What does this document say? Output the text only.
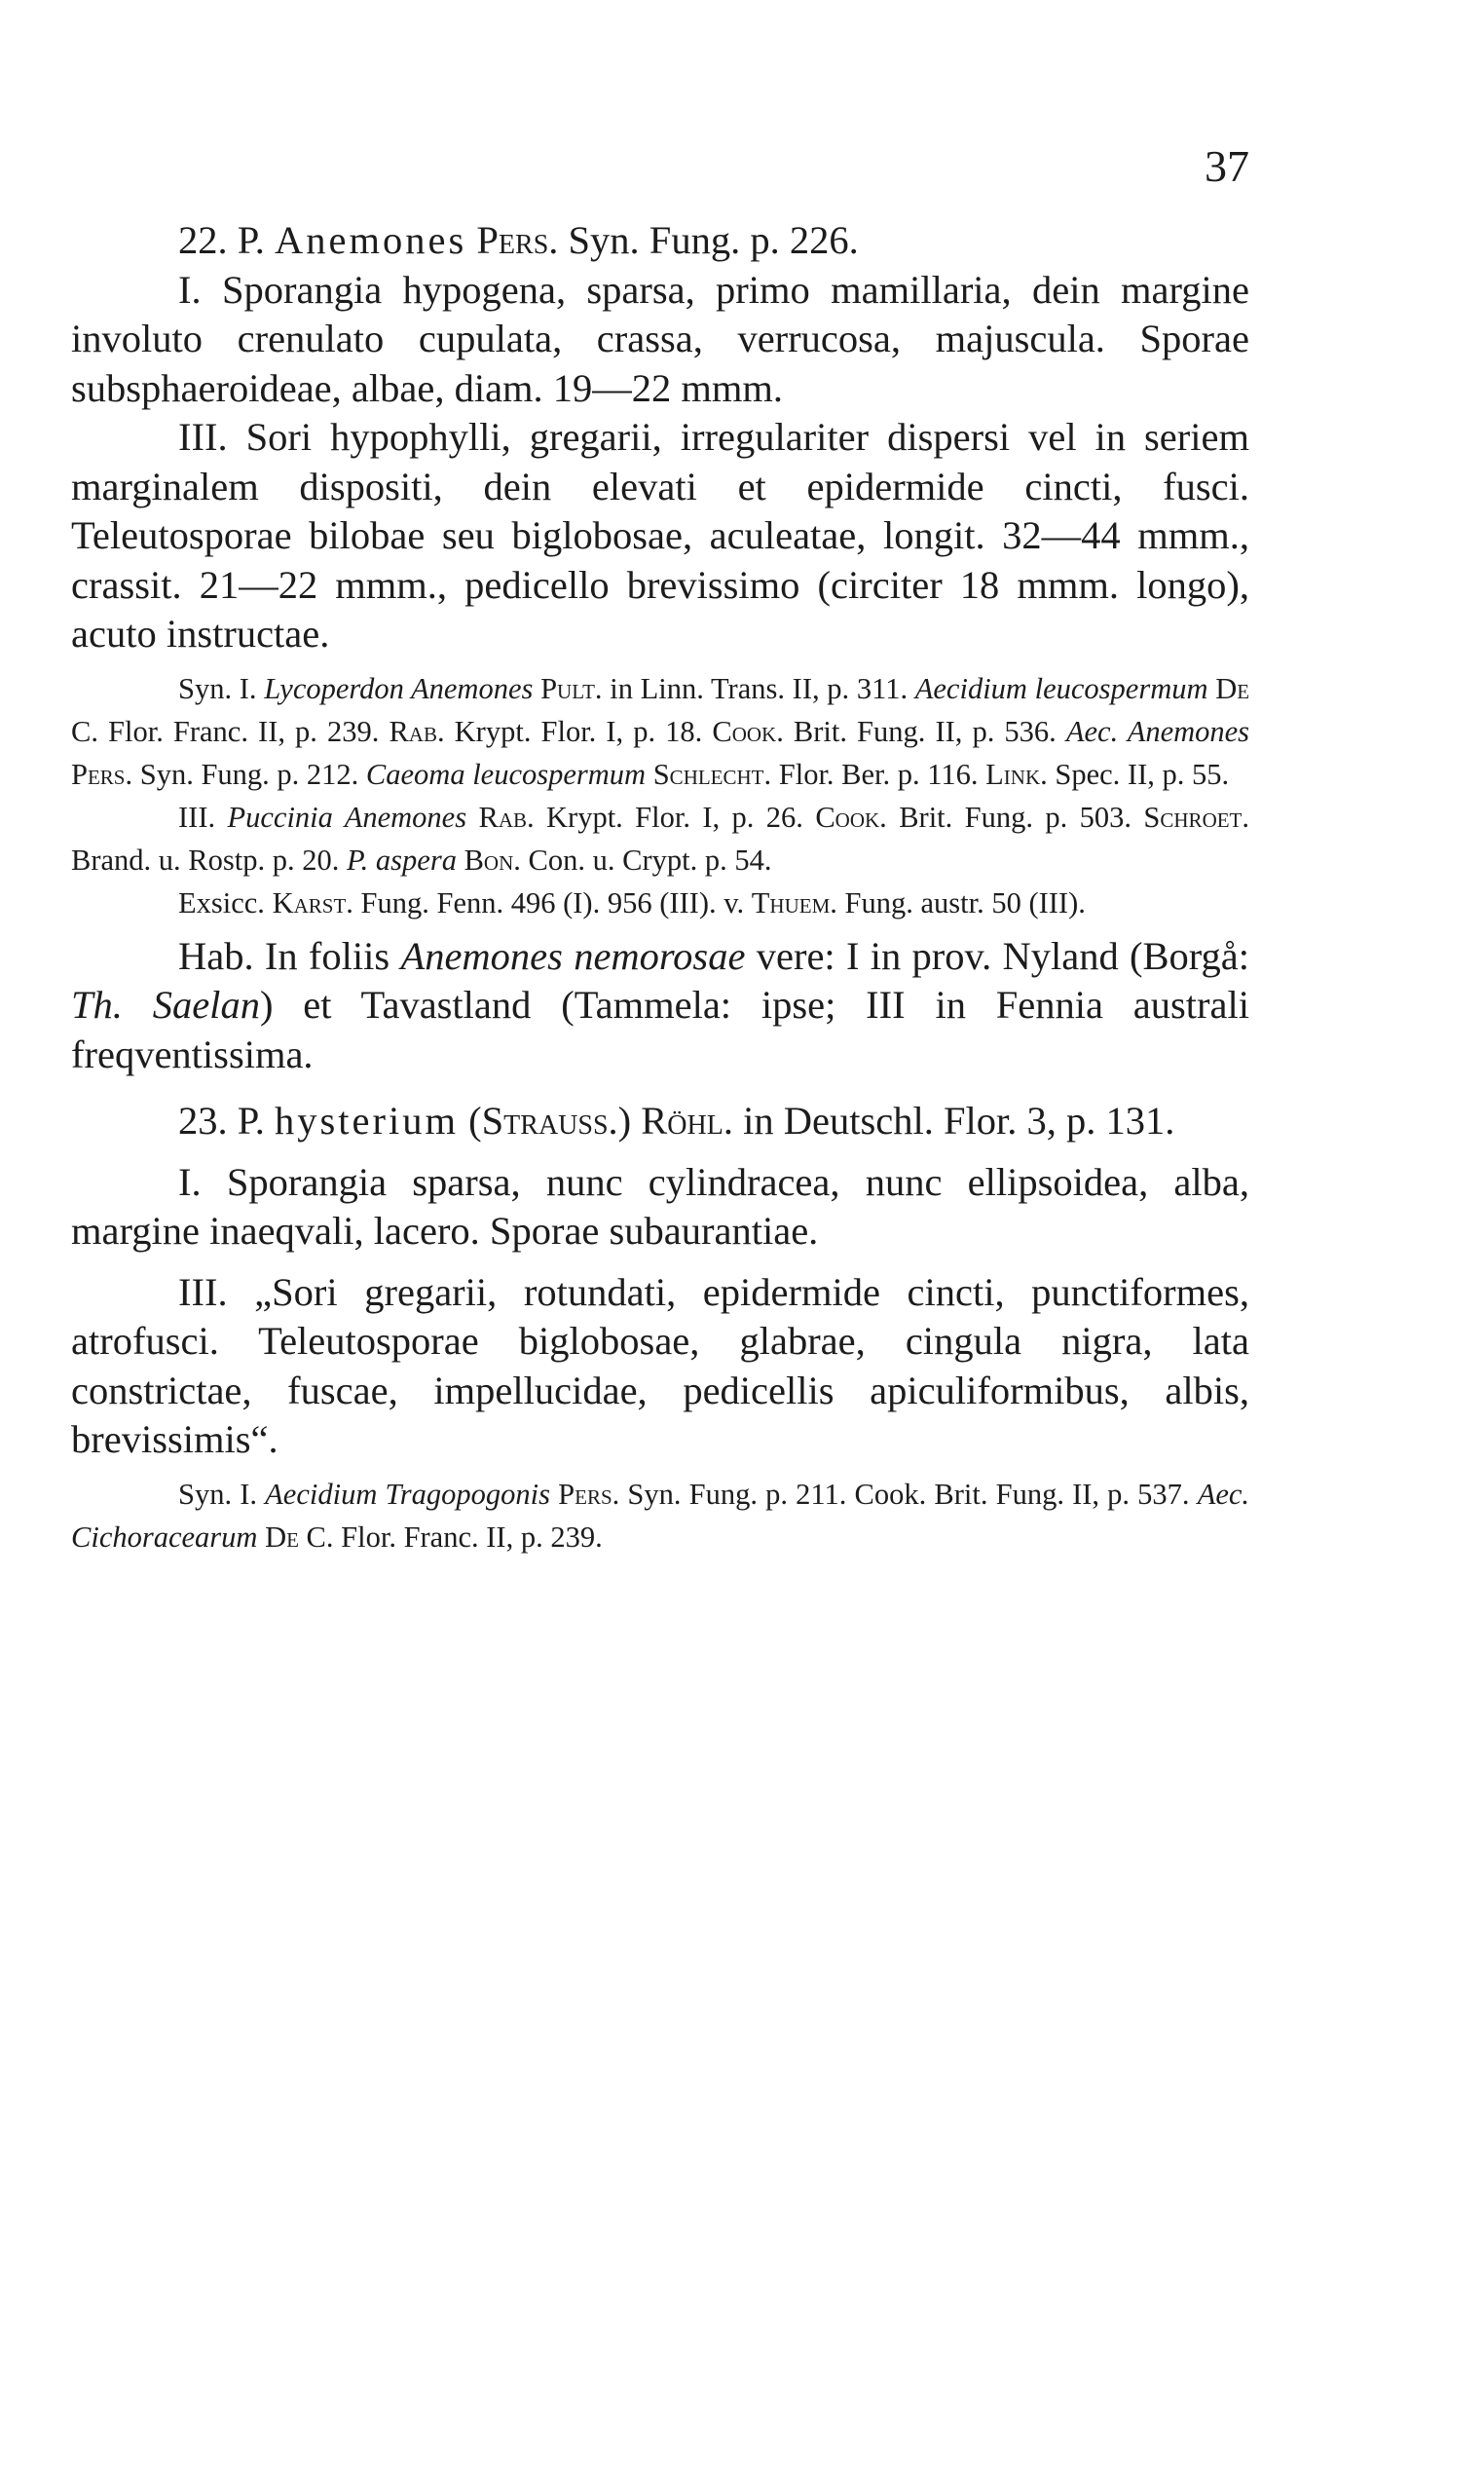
37

22. P. Anemones Pers. Syn. Fung. p. 226.

I. Sporangia hypogena, sparsa, primo mamillaria, dein margine involuto crenulato cupulata, crassa, verrucosa, majuscula. Sporae subsphaeroideae, albae, diam. 19—22 mmm.

III. Sori hypophylli, gregarii, irregulariter dispersi vel in seriem marginalem dispositi, dein elevati et epidermide cincti, fusci. Teleutosporae bilobae seu biglobosae, aculeatae, longit. 32—44 mmm., crassit. 21—22 mmm., pedicello brevissimo (circiter 18 mmm. longo), acuto instructae.

Syn. I. Lycoperdon Anemones Pult. in Linn. Trans. II, p. 311. Aecidium leucospermum De C. Flor. Franc. II, p. 239. Rab. Krypt. Flor. I, p. 18. Cook. Brit. Fung. II, p. 536. Aec. Anemones Pers. Syn. Fung. p. 212. Caeoma leucospermum Schlecht. Flor. Ber. p. 116. Link. Spec. II, p. 55.

III. Puccinia Anemones Rab. Krypt. Flor. I, p. 26. Cook. Brit. Fung. p. 503. Schroet. Brand. u. Rostp. p. 20. P. aspera Bon. Con. u. Crypt. p. 54.

Exsicc. Karst. Fung. Fenn. 496 (I). 956 (III). v. Thuem. Fung. austr. 50 (III).

Hab. In foliis Anemones nemorosae vere: I in prov. Nyland (Borgå: Th. Saelan) et Tavastland (Tammela: ipse; III in Fennia australi freqventissima.

23. P. hysterium (Strauss.) Röhl. in Deutschl. Flor. 3, p. 131.

I. Sporangia sparsa, nunc cylindracea, nunc ellipsoidea, alba, margine inaeqvali, lacero. Sporae subaurantiae.

III. „Sori gregarii, rotundati, epidermide cincti, punctiformes, atrofusci. Teleutosporae biglobosae, glabrae, cingula nigra, lata constrictae, fuscae, impellucidae, pedicellis apiculiformibus, albis, brevissimis“.

Syn. I. Aecidium Tragopogonis Pers. Syn. Fung. p. 211. Cook. Brit. Fung. II, p. 537. Aec. Cichoracearum De C. Flor. Franc. II, p. 239.
